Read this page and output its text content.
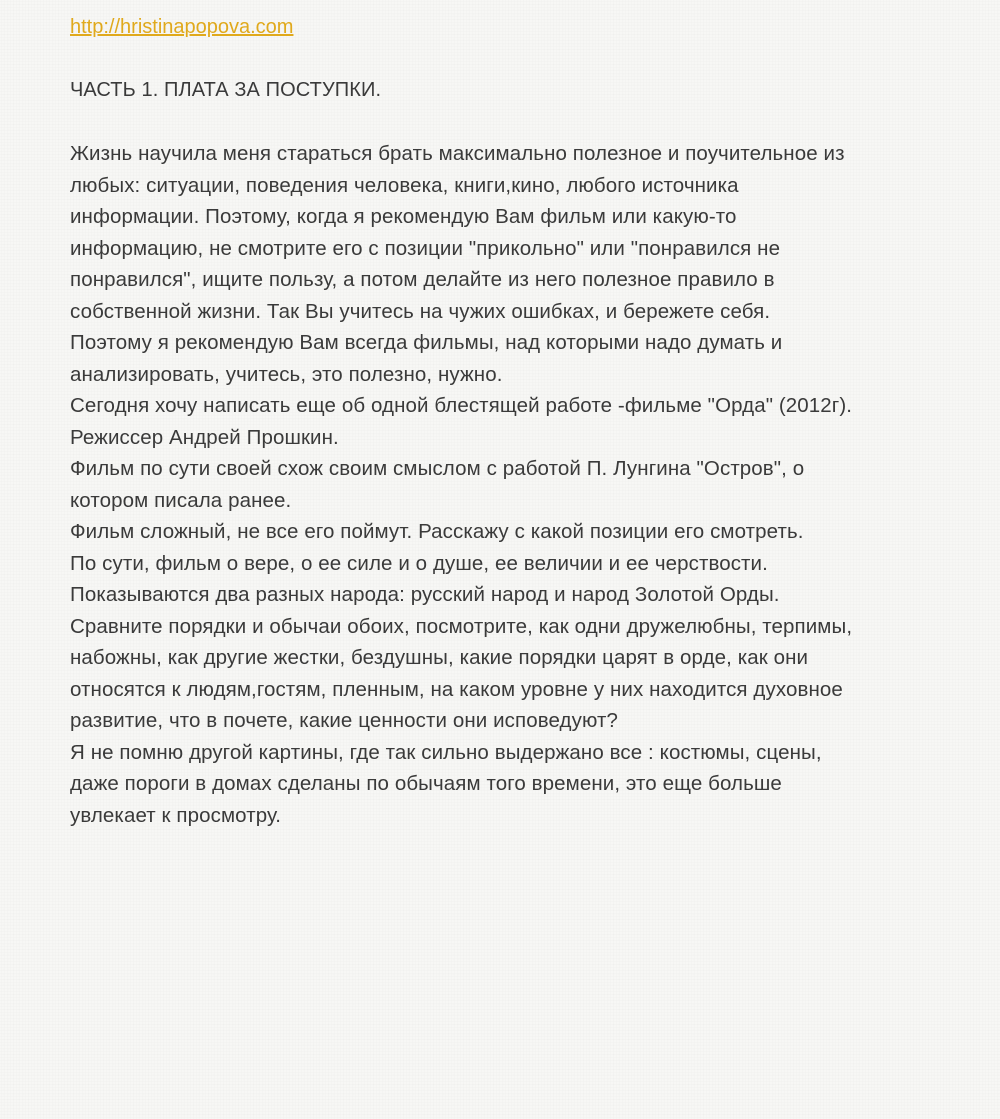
http://hristinapopova.com
ЧАСТЬ 1. ПЛАТА ЗА ПОСТУПКИ.
Жизнь научила меня стараться брать максимально полезное и поучительное из
любых: ситуации, поведения человека, книги,кино, любого источника
информации. Поэтому, когда я рекомендую Вам фильм или какую-то
информацию, не смотрите его с позиции "прикольно" или "понравился не
понравился", ищите пользу, а потом делайте из него полезное правило в
собственной жизни. Так Вы учитесь на чужих ошибках, и бережете себя.
Поэтому я рекомендую Вам всегда фильмы, над которыми надо думать и
анализировать, учитесь, это полезно, нужно.
Сегодня хочу написать еще об одной блестящей работе -фильме "Орда" (2012г).
Режиссер Андрей Прошкин.
Фильм по сути своей схож своим смыслом с работой П. Лунгина "Остров", о
котором писала ранее.
Фильм сложный, не все его поймут. Расскажу с какой позиции его смотреть.
По сути, фильм о вере, о ее силе и о душе, ее величии и ее черствости.
Показываются два разных народа: русский народ и народ Золотой Орды.
Сравните порядки и обычаи обоих, посмотрите, как одни дружелюбны, терпимы,
набожны, как другие жестки, бездушны, какие порядки царят в орде, как они
относятся к людям,гостям, пленным, на каком уровне у них находится духовное
развитие, что в почете, какие ценности они исповедуют?
Я не помню другой картины, где так сильно выдержано все : костюмы, сцены,
даже пороги в домах сделаны по обычаям того времени, это еще больше
увлекает к просмотру.
